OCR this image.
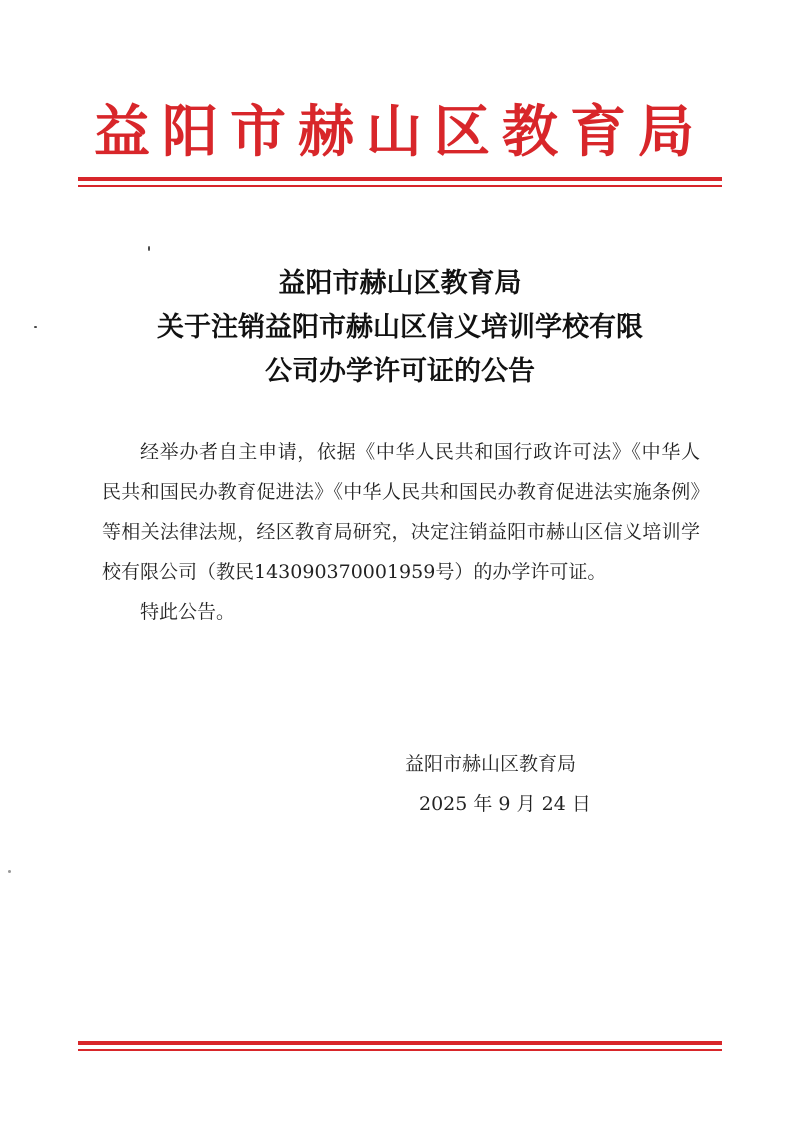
益阳市赫山区教育局
益阳市赫山区教育局
关于注销益阳市赫山区信义培训学校有限
公司办学许可证的公告

经举办者自主申请，依据《中华人民共和国行政许可法》《中华人民共和国民办教育促进法》《中华人民共和国民办教育促进法实施条例》等相关法律法规，经区教育局研究，决定注销益阳市赫山区信义培训学校有限公司（教民143090370001959号）的办学许可证。

特此公告。

益阳市赫山区教育局
2025 年 9 月 24 日
